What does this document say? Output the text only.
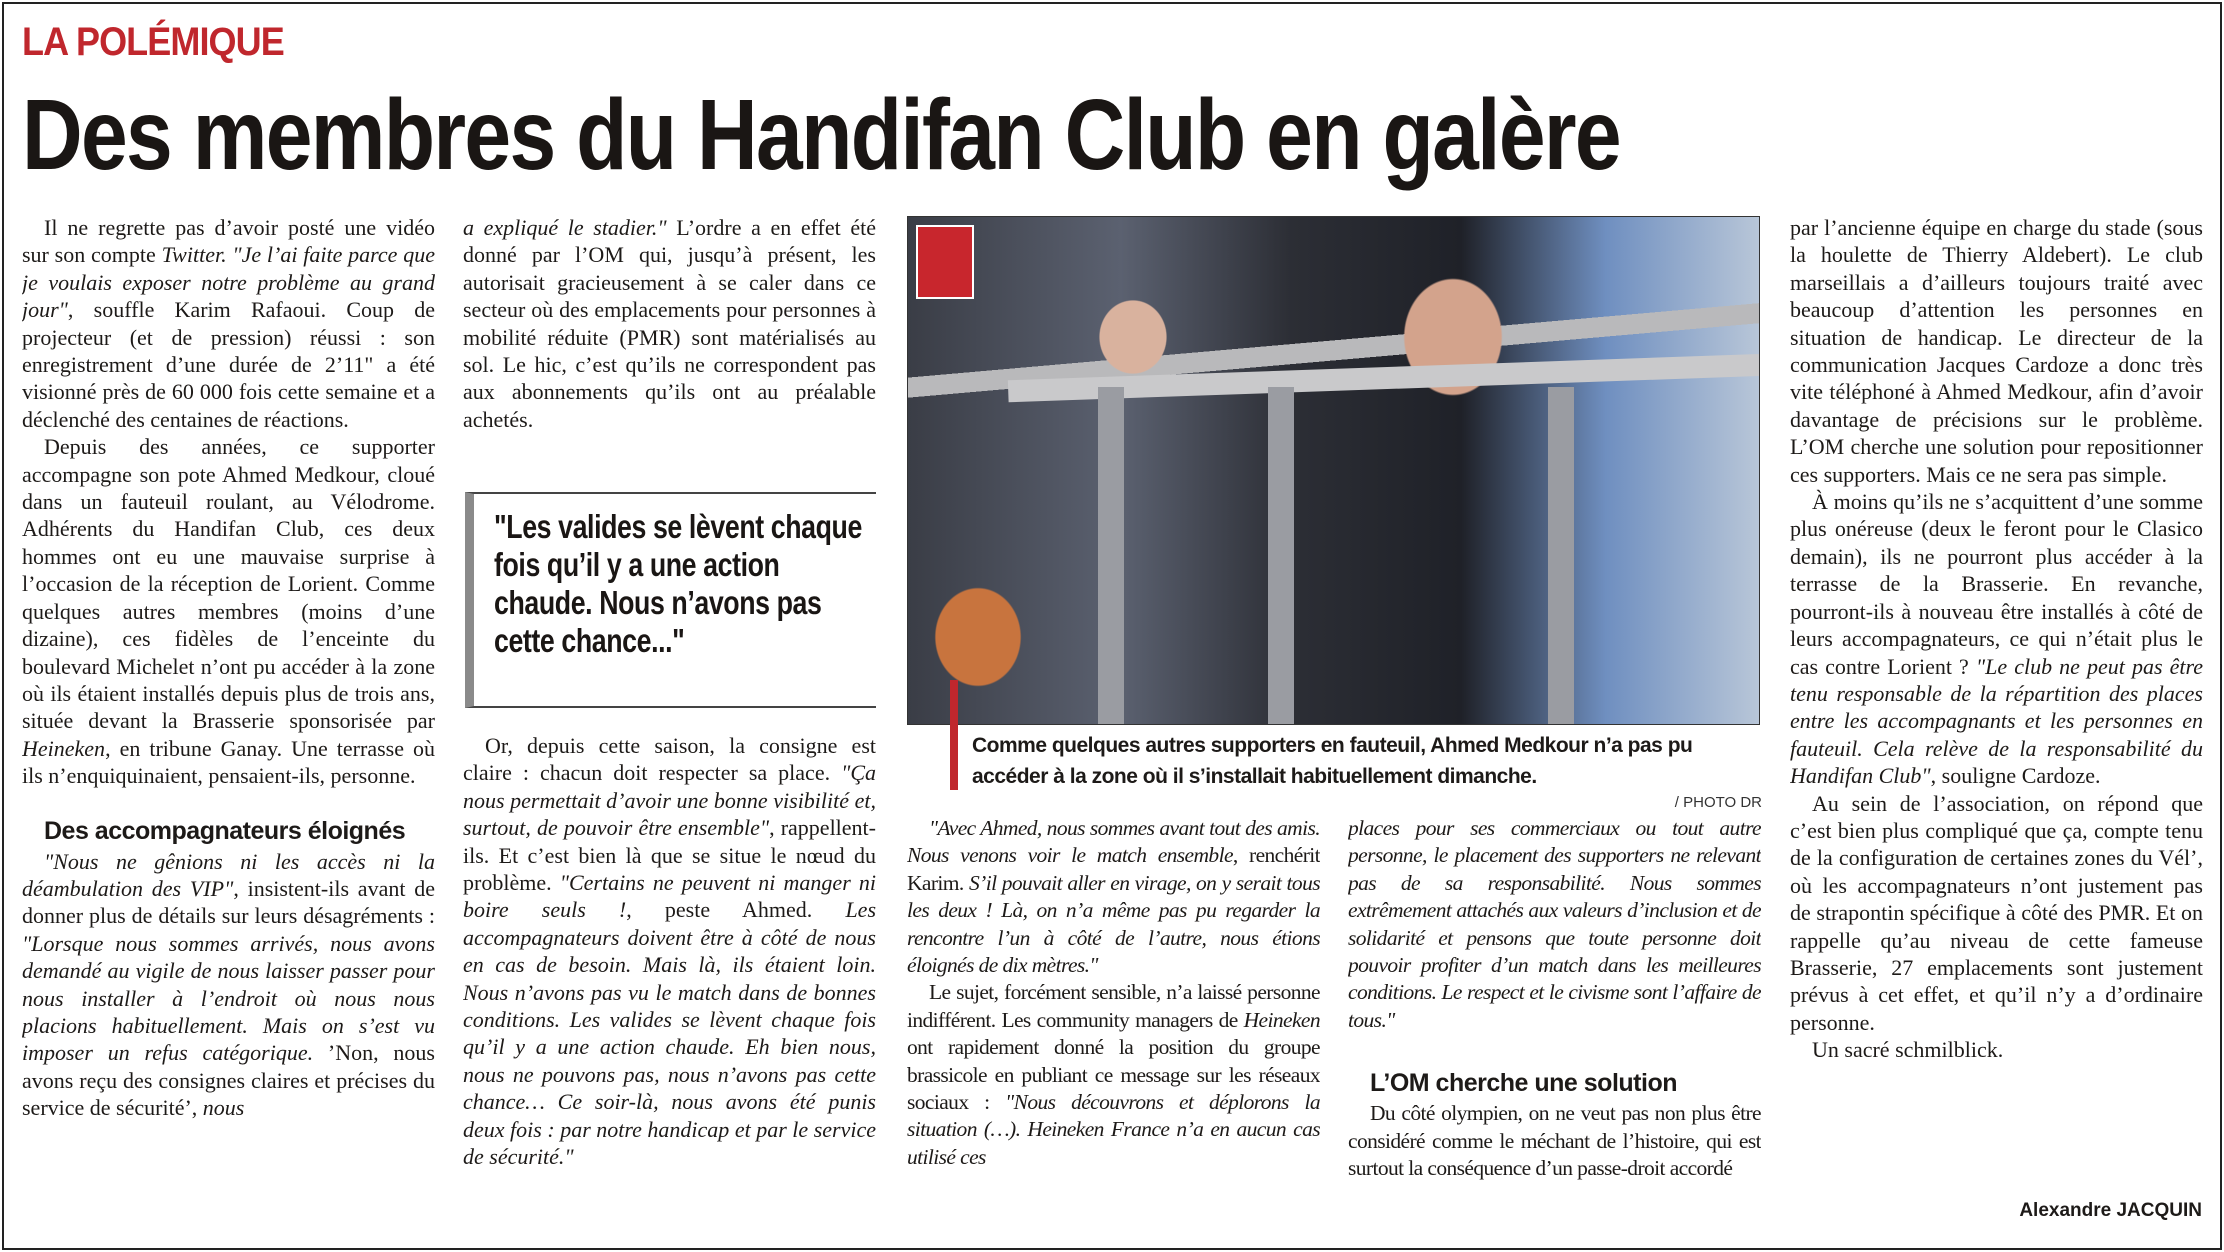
LA POLÉMIQUE
Des membres du Handifan Club en galère

Il ne regrette pas d’avoir posté une vidéo sur son compte Twitter. "Je l’ai faite parce que je voulais exposer notre problème au grand jour", souffle Karim Rafaoui. Coup de projecteur (et de pression) réussi : son enregistrement d’une durée de 2’11" a été visionné près de 60 000 fois cette semaine et a déclenché des centaines de réactions.

Depuis des années, ce supporter accompagne son pote Ahmed Medkour, cloué dans un fauteuil roulant, au Vélodrome. Adhérents du Handifan Club, ces deux hommes ont eu une mauvaise surprise à l’occasion de la réception de Lorient. Comme quelques autres membres (moins d’une dizaine), ces fidèles de l’enceinte du boulevard Michelet n’ont pu accéder à la zone où ils étaient installés depuis plus de trois ans, située devant la Brasserie sponsorisée par Heineken, en tribune Ganay. Une terrasse où ils n’enquiquinaient, pensaient-ils, personne.

Des accompagnateurs éloignés

"Nous ne gênions ni les accès ni la déambulation des VIP", insistent-ils avant de donner plus de détails sur leurs désagréments : "Lorsque nous sommes arrivés, nous avons demandé au vigile de nous laisser passer pour nous installer à l’endroit où nous nous placions habituellement. Mais on s’est vu imposer un refus catégorique. ’Non, nous avons reçu des consignes claires et précises du service de sécurité’, nous

a expliqué le stadier." L’ordre a en effet été donné par l’OM qui, jusqu’à présent, les autorisait gracieusement à se caler dans ce secteur où des emplacements pour personnes à mobilité réduite (PMR) sont matérialisés au sol. Le hic, c’est qu’ils ne correspondent pas aux abonnements qu’ils ont au préalable achetés.

"Les valides se lèvent chaque fois qu’il y a une action chaude. Nous n’avons pas cette chance..."

Or, depuis cette saison, la consigne est claire : chacun doit respecter sa place. "Ça nous permettait d’avoir une bonne visibilité et, surtout, de pouvoir être ensemble", rappellent-ils. Et c’est bien là que se situe le nœud du problème. "Certains ne peuvent ni manger ni boire seuls !, peste Ahmed. Les accompagnateurs doivent être à côté de nous en cas de besoin. Mais là, ils étaient loin. Nous n’avons pas vu le match dans de bonnes conditions. Les valides se lèvent chaque fois qu’il y a une action chaude. Eh bien nous, nous ne pouvons pas, nous n’avons pas cette chance… Ce soir-là, nous avons été punis deux fois : par notre handicap et par le service de sécurité."

Comme quelques autres supporters en fauteuil, Ahmed Medkour n’a pas pu accéder à la zone où il s’installait habituellement dimanche.
/ PHOTO DR

"Avec Ahmed, nous sommes avant tout des amis. Nous venons voir le match ensemble, renchérit Karim. S’il pouvait aller en virage, on y serait tous les deux ! Là, on n’a même pas pu regarder la rencontre l’un à côté de l’autre, nous étions éloignés de dix mètres."

Le sujet, forcément sensible, n’a laissé personne indifférent. Les community managers de Heineken ont rapidement donné la position du groupe brassicole en publiant ce message sur les réseaux sociaux : "Nous découvrons et déplorons la situation (…). Heineken France n’a en aucun cas utilisé ces

places pour ses commerciaux ou tout autre personne, le placement des supporters ne relevant pas de sa responsabilité. Nous sommes extrêmement attachés aux valeurs d’inclusion et de solidarité et pensons que toute personne doit pouvoir profiter d’un match dans les meilleures conditions. Le respect et le civisme sont l’affaire de tous."

L’OM cherche une solution

Du côté olympien, on ne veut pas non plus être considéré comme le méchant de l’histoire, qui est surtout la conséquence d’un passe-droit accordé

par l’ancienne équipe en charge du stade (sous la houlette de Thierry Aldebert). Le club marseillais a d’ailleurs toujours traité avec beaucoup d’attention les personnes en situation de handicap. Le directeur de la communication Jacques Cardoze a donc très vite téléphoné à Ahmed Medkour, afin d’avoir davantage de précisions sur le problème. L’OM cherche une solution pour repositionner ces supporters. Mais ce ne sera pas simple.

À moins qu’ils ne s’acquittent d’une somme plus onéreuse (deux le feront pour le Clasico demain), ils ne pourront plus accéder à la terrasse de la Brasserie. En revanche, pourront-ils à nouveau être installés à côté de leurs accompagnateurs, ce qui n’était plus le cas contre Lorient ? "Le club ne peut pas être tenu responsable de la répartition des places entre les accompagnants et les personnes en fauteuil. Cela relève de la responsabilité du Handifan Club", souligne Cardoze.

Au sein de l’association, on répond que c’est bien plus compliqué que ça, compte tenu de la configuration de certaines zones du Vél’, où les accompagnateurs n’ont justement pas de strapontin spécifique à côté des PMR. Et on rappelle qu’au niveau de cette fameuse Brasserie, 27 emplacements sont justement prévus à cet effet, et qu’il n’y a d’ordinaire personne.

Un sacré schmilblick.

Alexandre JACQUIN
